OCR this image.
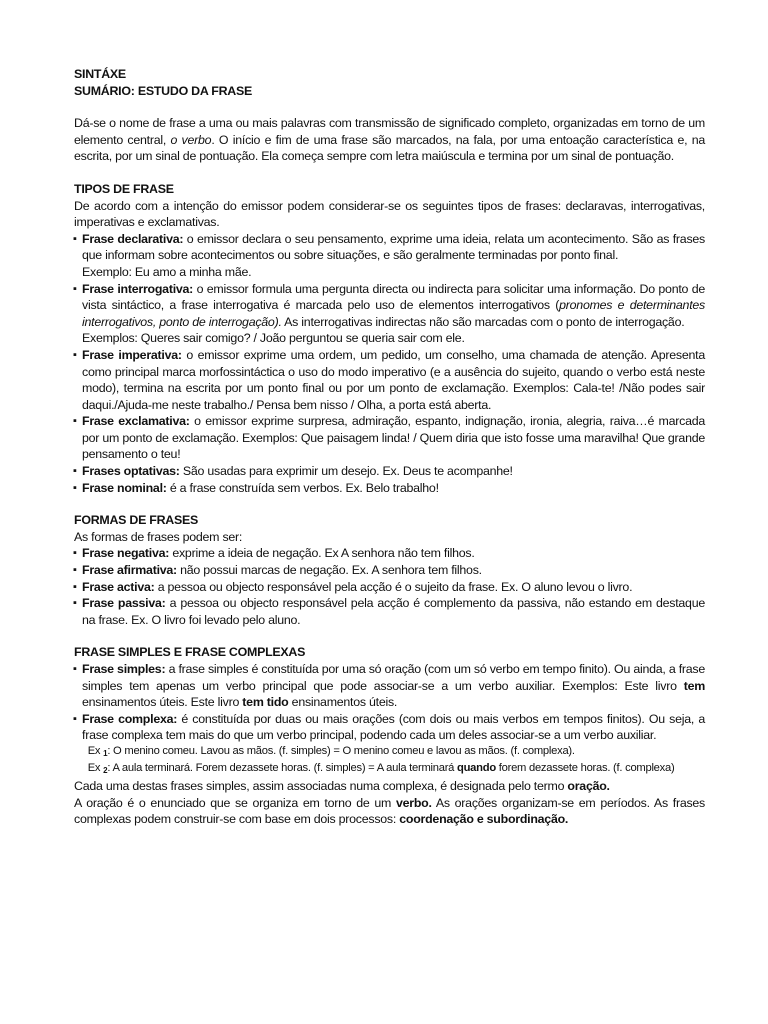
SINTÁXE

SUMÁRIO: ESTUDO DA FRASE

Dá-se o nome de frase a uma ou mais palavras com transmissão de significado completo, organizadas em torno de um elemento central, o verbo. O início e fim de uma frase são marcados, na fala, por uma entoação característica e, na escrita, por um sinal de pontuação. Ela começa sempre com letra maiúscula e termina por um sinal de pontuação.

TIPOS DE FRASE

De acordo com a intenção do emissor podem considerar-se os seguintes tipos de frases: declaravas, interrogativas, imperativas e exclamativas.

▪ Frase declarativa: o emissor declara o seu pensamento, exprime uma ideia, relata um acontecimento. São as frases que informam sobre acontecimentos ou sobre situações, e são geralmente terminadas por ponto final.

Exemplo: Eu amo a minha mãe.

▪ Frase interrogativa: o emissor formula uma pergunta directa ou indirecta para solicitar uma informação. Do ponto de vista sintáctico, a frase interrogativa é marcada pelo uso de elementos interrogativos (pronomes e determinantes interrogativos, ponto de interrogação). As interrogativas indirectas não são marcadas com o ponto de interrogação.

Exemplos: Queres sair comigo? / João perguntou se queria sair com ele.

▪ Frase imperativa: o emissor exprime uma ordem, um pedido, um conselho, uma chamada de atenção. Apresenta como principal marca morfossintáctica o uso do modo imperativo (e a ausência do sujeito, quando o verbo está neste modo), termina na escrita por um ponto final ou por um ponto de exclamação. Exemplos: Cala-te! /Não podes sair daqui./Ajuda-me neste trabalho./ Pensa bem nisso / Olha, a porta está aberta.

▪ Frase exclamativa: o emissor exprime surpresa, admiração, espanto, indignação, ironia, alegria, raiva…é marcada por um ponto de exclamação. Exemplos: Que paisagem linda! / Quem diria que isto fosse uma maravilha! Que grande pensamento o teu!

▪ Frases optativas: São usadas para exprimir um desejo. Ex. Deus te acompanhe!

▪ Frase nominal: é a frase construída sem verbos. Ex. Belo trabalho!

FORMAS DE FRASES

As formas de frases podem ser:

▪ Frase negativa: exprime a ideia de negação. Ex A senhora não tem filhos.

▪ Frase afirmativa: não possui marcas de negação. Ex. A senhora tem filhos.

▪ Frase activa: a pessoa ou objecto responsável pela acção é o sujeito da frase. Ex. O aluno levou o livro.

▪ Frase passiva: a pessoa ou objecto responsável pela acção é complemento da passiva, não estando em destaque na frase. Ex. O livro foi levado pelo aluno.

FRASE SIMPLES E FRASE COMPLEXAS

▪ Frase simples: a frase simples é constituída por uma só oração (com um só verbo em tempo finito). Ou ainda, a frase simples tem apenas um verbo principal que pode associar-se a um verbo auxiliar. Exemplos: Este livro tem ensinamentos úteis. Este livro tem tido ensinamentos úteis.

▪ Frase complexa: é constituída por duas ou mais orações (com dois ou mais verbos em tempos finitos). Ou seja, a frase complexa tem mais do que um verbo principal, podendo cada um deles associar-se a um verbo auxiliar.

Ex $_1$: O menino comeu. Lavou as mãos. (f. simples) = O menino comeu e lavou as mãos. (f. complexa).

Ex $_2$: A aula terminará. Forem dezassete horas. (f. simples) = A aula terminará quando forem dezassete horas. (f. complexa)

Cada uma destas frases simples, assim associadas numa complexa, é designada pelo termo oração.

A oração é o enunciado que se organiza em torno de um verbo. As orações organizam-se em períodos. As frases complexas podem construir-se com base em dois processos: coordenação e subordinação.
